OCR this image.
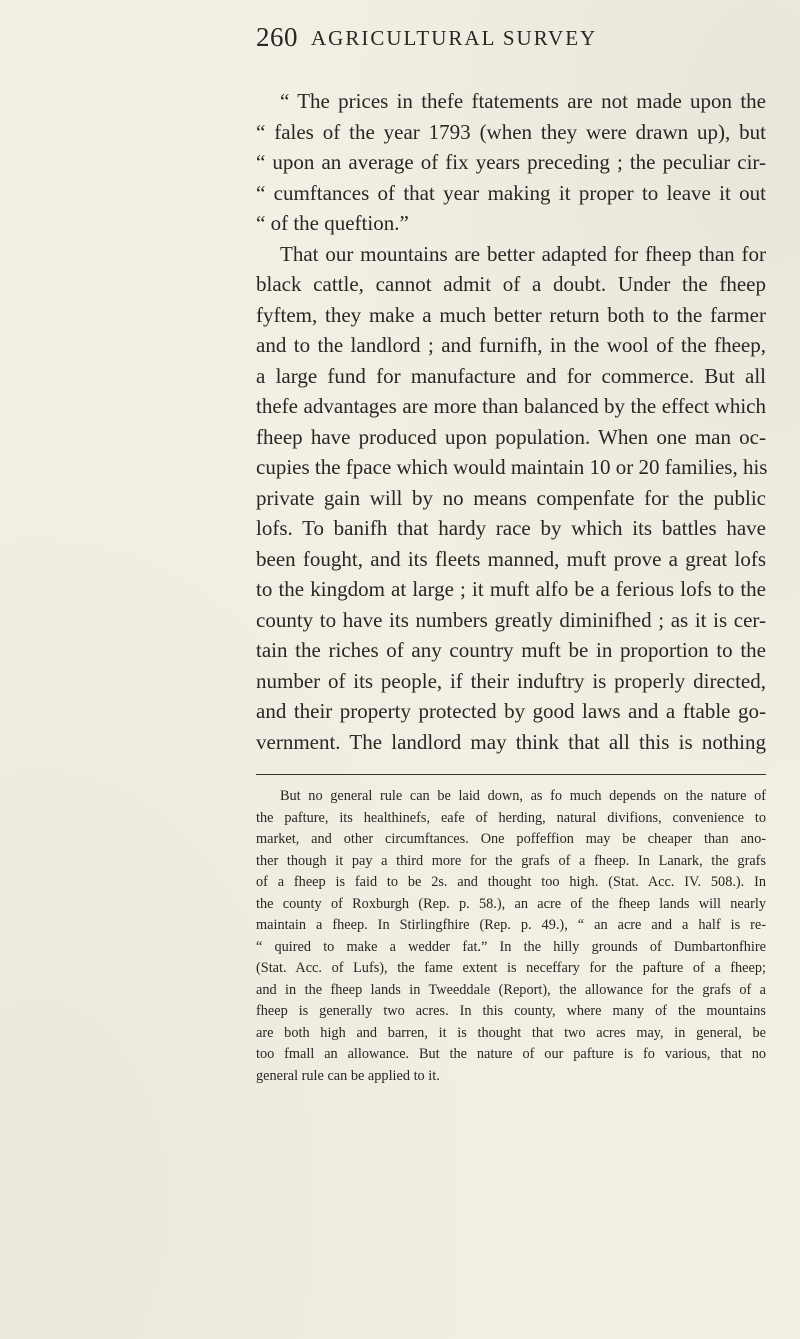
260 AGRICULTURAL SURVEY
“ The prices in thefe ftatements are not made upon the
“ fales of the year 1793 (when they were drawn up), but
“ upon an average of fix years preceding ; the peculiar cir-
“ cumftances of that year making it proper to leave it out
“ of the queftion.”
That our mountains are better adapted for fheep than for
black cattle, cannot admit of a doubt. Under the fheep
fyftem, they make a much better return both to the farmer
and to the landlord ; and furnifh, in the wool of the fheep,
a large fund for manufacture and for commerce. But all
thefe advantages are more than balanced by the effect which
fheep have produced upon population. When one man oc-
cupies the fpace which would maintain 10 or 20 families, his
private gain will by no means compenfate for the public
lofs. To banifh that hardy race by which its battles have
been fought, and its fleets manned, muft prove a great lofs
to the kingdom at large ; it muft alfo be a ferious lofs to the
county to have its numbers greatly diminifhed ; as it is cer-
tain the riches of any country muft be in proportion to the
number of its people, if their induftry is properly directed,
and their property protected by good laws and a ftable go-
vernment. The landlord may think that all this is nothing
But no general rule can be laid down, as fo much depends on the nature of
the pafture, its healthinefs, eafe of herding, natural divifions, convenience to
market, and other circumftances. One poffeffion may be cheaper than ano-
ther though it pay a third more for the grafs of a fheep. In Lanark, the grafs
of a fheep is faid to be 2s. and thought too high. (Stat. Acc. IV. 508.). In
the county of Roxburgh (Rep. p. 58.), an acre of the fheep lands will nearly
maintain a fheep. In Stirlingfhire (Rep. p. 49.), “ an acre and a half is re-
“ quired to make a wedder fat.” In the hilly grounds of Dumbartonfhire
(Stat. Acc. of Lufs), the fame extent is neceffary for the pafture of a fheep;
and in the fheep lands in Tweeddale (Report), the allowance for the grafs of a
fheep is generally two acres. In this county, where many of the mountains
are both high and barren, it is thought that two acres may, in general, be
too fmall an allowance. But the nature of our pafture is fo various, that no
general rule can be applied to it.
